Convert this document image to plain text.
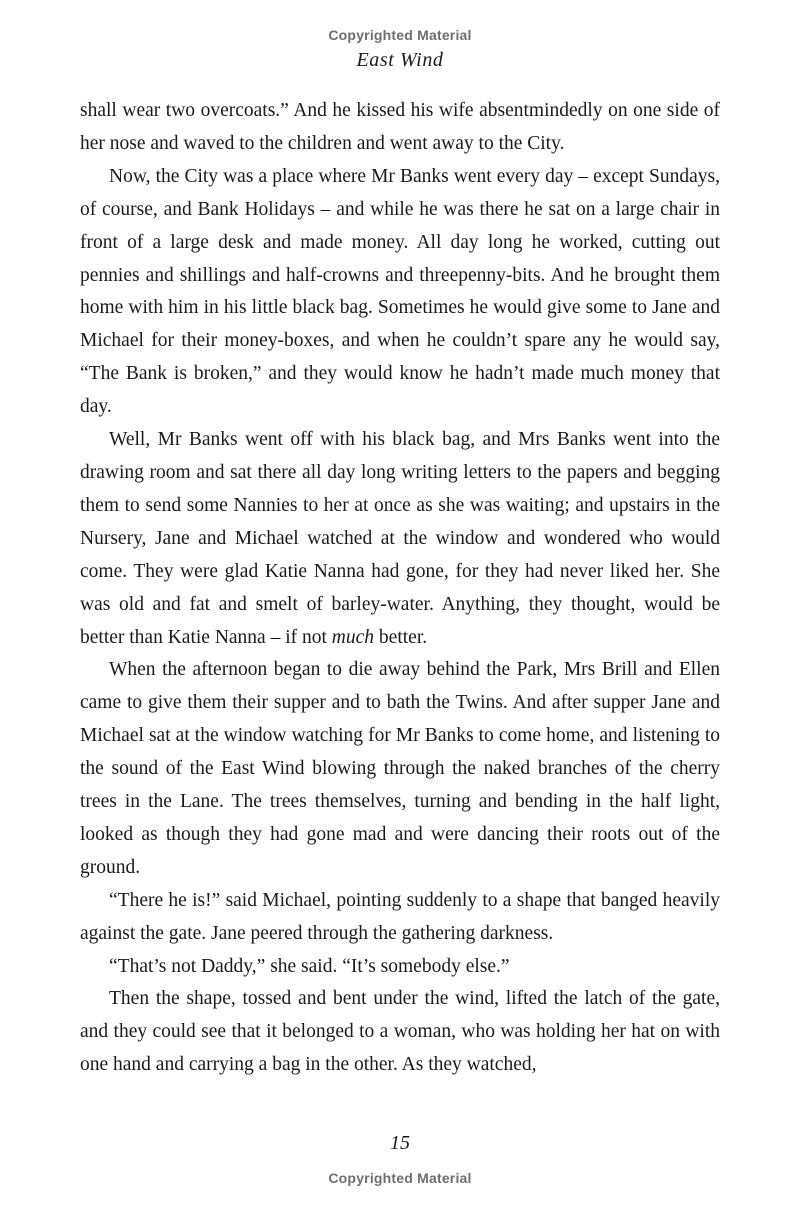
Copyrighted Material
East Wind

shall wear two overcoats.” And he kissed his wife absentmindedly on one side of her nose and waved to the children and went away to the City.

Now, the City was a place where Mr Banks went every day – except Sundays, of course, and Bank Holidays – and while he was there he sat on a large chair in front of a large desk and made money. All day long he worked, cutting out pennies and shillings and half-crowns and threepenny-bits. And he brought them home with him in his little black bag. Sometimes he would give some to Jane and Michael for their money-boxes, and when he couldn’t spare any he would say, “The Bank is broken,” and they would know he hadn’t made much money that day.

Well, Mr Banks went off with his black bag, and Mrs Banks went into the drawing room and sat there all day long writing letters to the papers and begging them to send some Nannies to her at once as she was waiting; and upstairs in the Nursery, Jane and Michael watched at the window and wondered who would come. They were glad Katie Nanna had gone, for they had never liked her. She was old and fat and smelt of barley-water. Anything, they thought, would be better than Katie Nanna – if not much better.

When the afternoon began to die away behind the Park, Mrs Brill and Ellen came to give them their supper and to bath the Twins. And after supper Jane and Michael sat at the window watching for Mr Banks to come home, and listening to the sound of the East Wind blowing through the naked branches of the cherry trees in the Lane. The trees themselves, turning and bending in the half light, looked as though they had gone mad and were dancing their roots out of the ground.

“There he is!” said Michael, pointing suddenly to a shape that banged heavily against the gate. Jane peered through the gathering darkness.

“That’s not Daddy,” she said. “It’s somebody else.”

Then the shape, tossed and bent under the wind, lifted the latch of the gate, and they could see that it belonged to a woman, who was holding her hat on with one hand and carrying a bag in the other. As they watched,

15
Copyrighted Material
